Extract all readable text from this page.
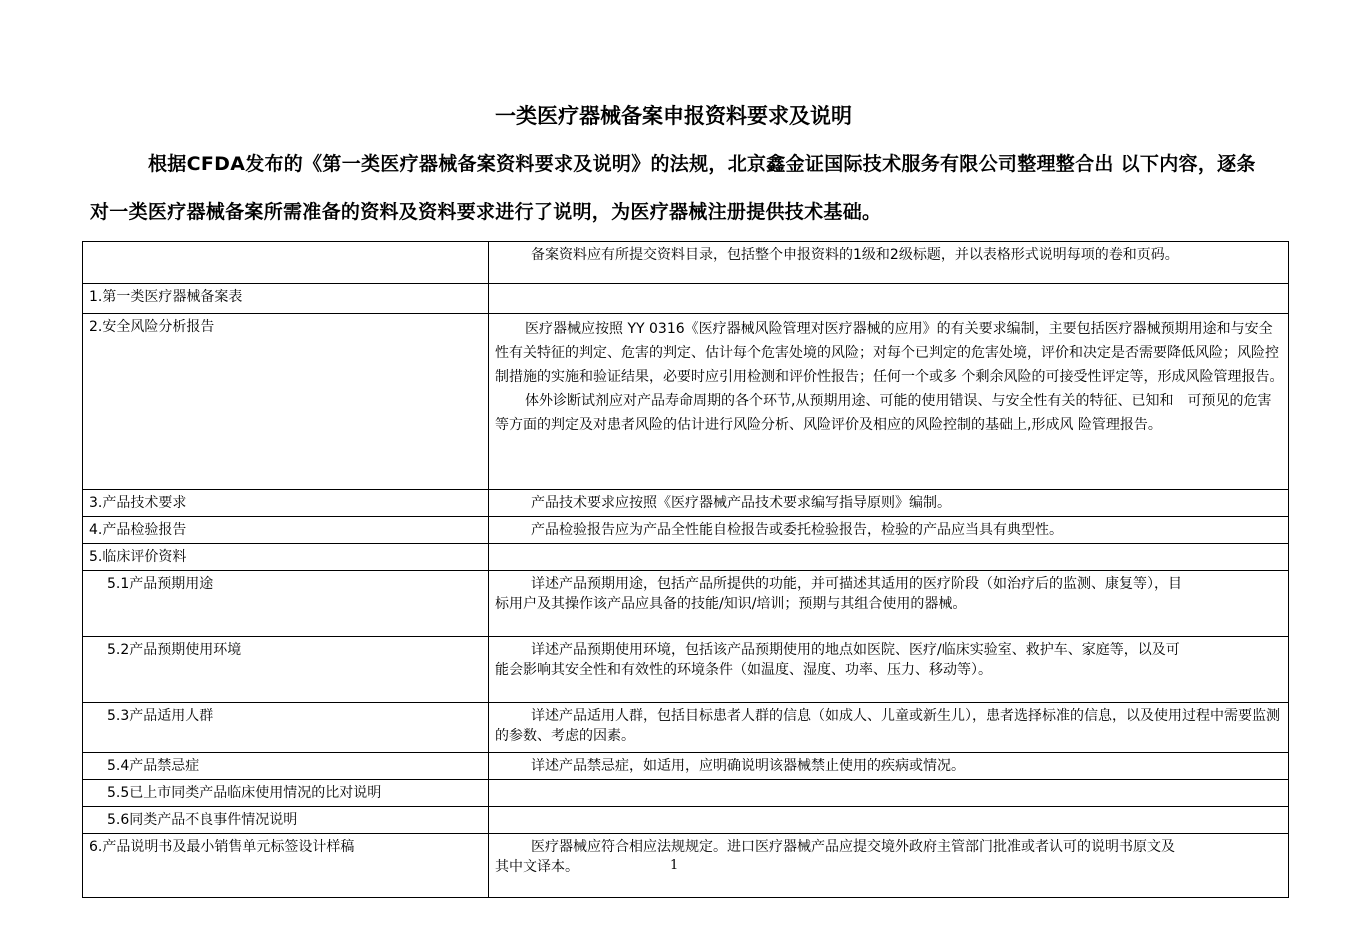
一类医疗器械备案申报资料要求及说明
根据CFDA发布的《第一类医疗器械备案资料要求及说明》的法规，北京鑫金证国际技术服务有限公司整理整合出 以下内容，逐条对一类医疗器械备案所需准备的资料及资料要求进行了说明，为医疗器械注册提供技术基础。

	备案资料应有所提交资料目录，包括整个申报资料的1级和2级标题，并以表格形式说明每项的卷和页码。

1.第一类医疗器械备案表	
2.安全风险分析报告	医疗器械应按照 YY 0316《医疗器械风险管理对医疗器械的应用》的有关要求编制，主要包括医疗器械预期用途和与安全性有关特征的判定、危害的判定、估计每个危害处境的风险；对每个已判定的危害处境，评价和决定是否需要降低风险；风险控制措施的实施和验证结果，必要时应引用检测和评价性报告；任何一个或多 个剩余风险的可接受性评定等，形成风险管理报告。

体外诊断试剂应对产品寿命周期的各个环节,从预期用途、可能的使用错误、与安全性有关的特征、已知和　可预见的危害等方面的判定及对患者风险的估计进行风险分析、风险评价及相应的风险控制的基础上,形成风 险管理报告。

3.产品技术要求	产品技术要求应按照《医疗器械产品技术要求编写指导原则》编制。

4.产品检验报告	产品检验报告应为产品全性能自检报告或委托检验报告，检验的产品应当具有典型性。

5.临床评价资料	
5.1产品预期用途	详述产品预期用途，包括产品所提供的功能，并可描述其适用的医疗阶段（如治疗后的监测、康复等），目

标用户及其操作该产品应具备的技能/知识/培训；预期与其组合使用的器械。

5.2产品预期使用环境	详述产品预期使用环境，包括该产品预期使用的地点如医院、医疗/临床实验室、救护车、家庭等，以及可

能会影响其安全性和有效性的环境条件（如温度、湿度、功率、压力、移动等）。

5.3产品适用人群	详述产品适用人群，包括目标患者人群的信息（如成人、儿童或新生儿），患者选择标准的信息，以及使用过程中需要监测的参数、考虑的因素。

5.4产品禁忌症	详述产品禁忌症，如适用，应明确说明该器械禁止使用的疾病或情况。

5.5已上市同类产品临床使用情况的比对说明	
5.6同类产品不良事件情况说明	
6.产品说明书及最小销售单元标签设计样稿	医疗器械应符合相应法规规定。进口医疗器械产品应提交境外政府主管部门批准或者认可的说明书原文及

其中文译本。	1
